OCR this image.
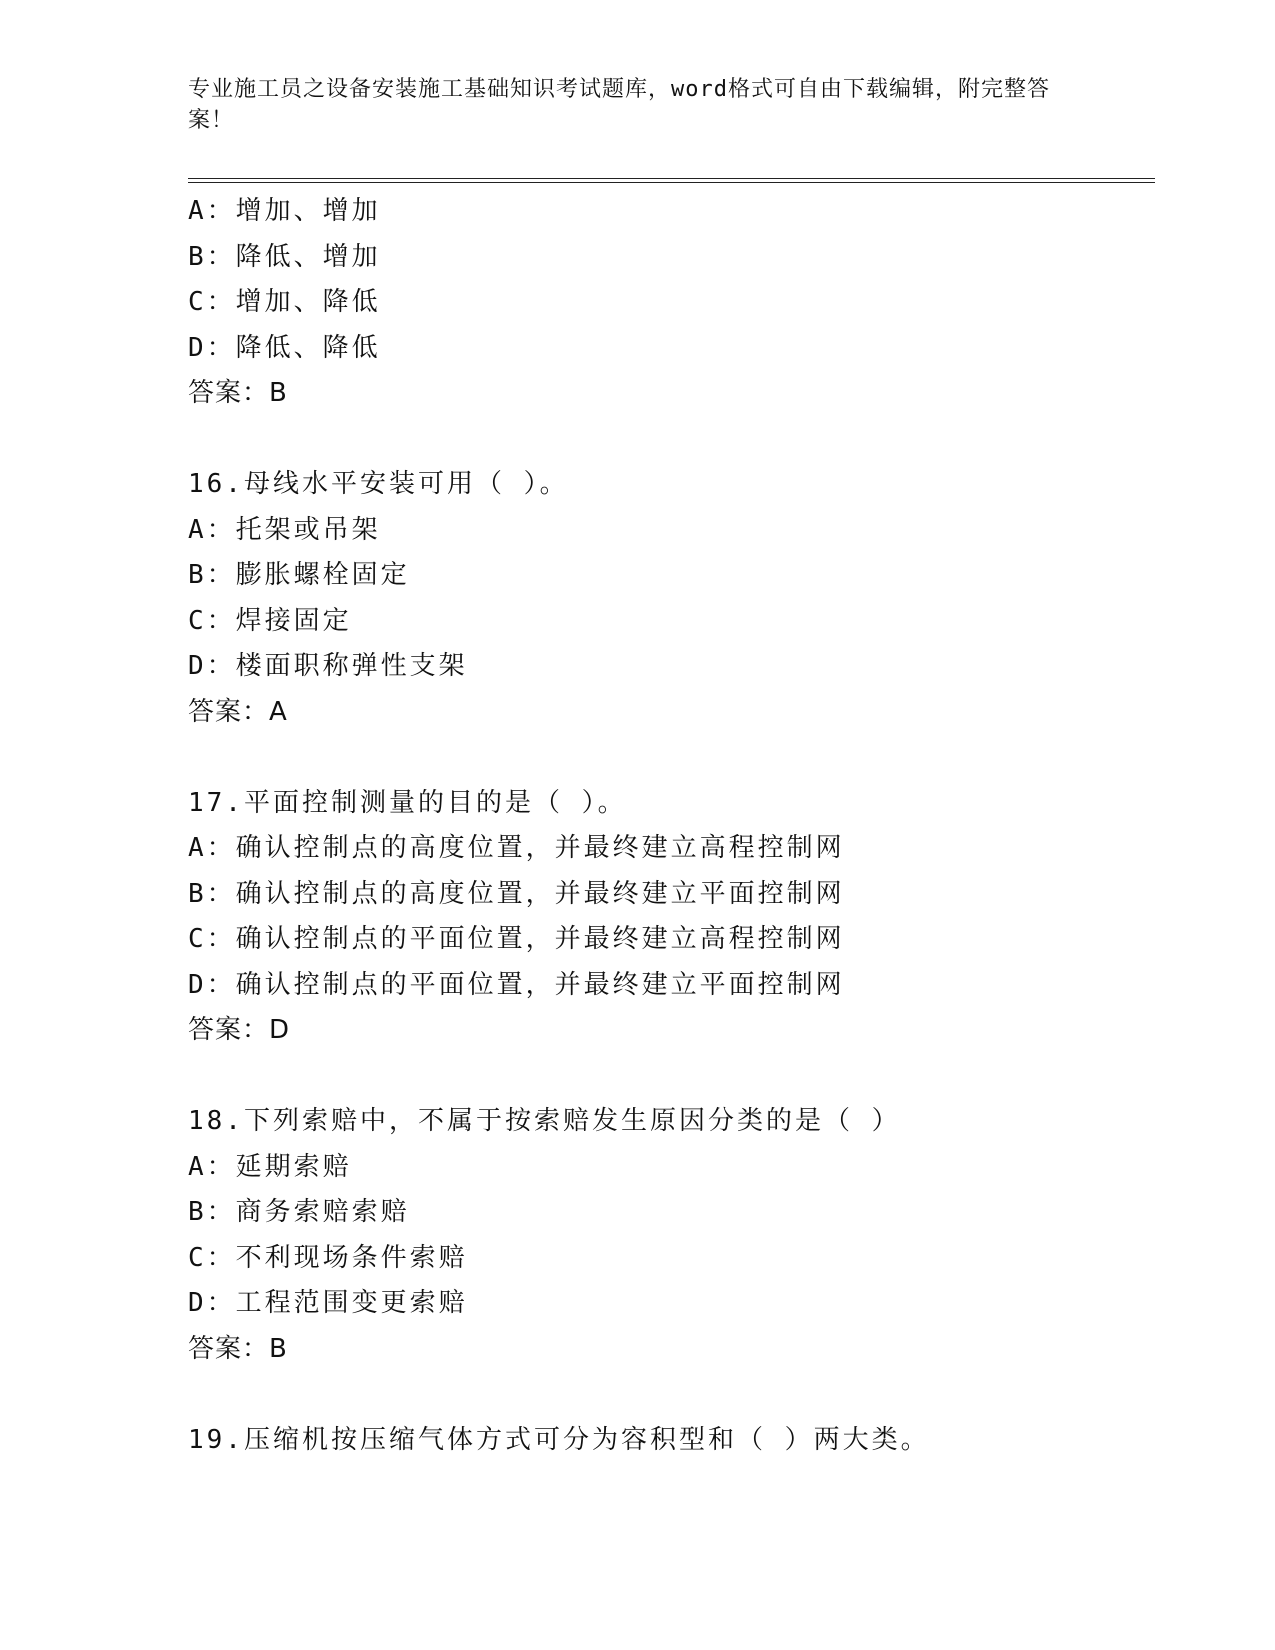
专业施工员之设备安装施工基础知识考试题库，word格式可自由下载编辑，附完整答案！
A：增加、增加
B：降低、增加
C：增加、降低
D：降低、降低
答案：B
16.母线水平安装可用（ ）。
A：托架或吊架
B：膨胀螺栓固定
C：焊接固定
D：楼面职称弹性支架
答案：A
17.平面控制测量的目的是（ ）。
A：确认控制点的高度位置，并最终建立高程控制网
B：确认控制点的高度位置，并最终建立平面控制网
C：确认控制点的平面位置，并最终建立高程控制网
D：确认控制点的平面位置，并最终建立平面控制网
答案：D
18.下列索赔中，不属于按索赔发生原因分类的是（ ）
A：延期索赔
B：商务索赔索赔
C：不利现场条件索赔
D：工程范围变更索赔
答案：B
19.压缩机按压缩气体方式可分为容积型和（ ）两大类。
